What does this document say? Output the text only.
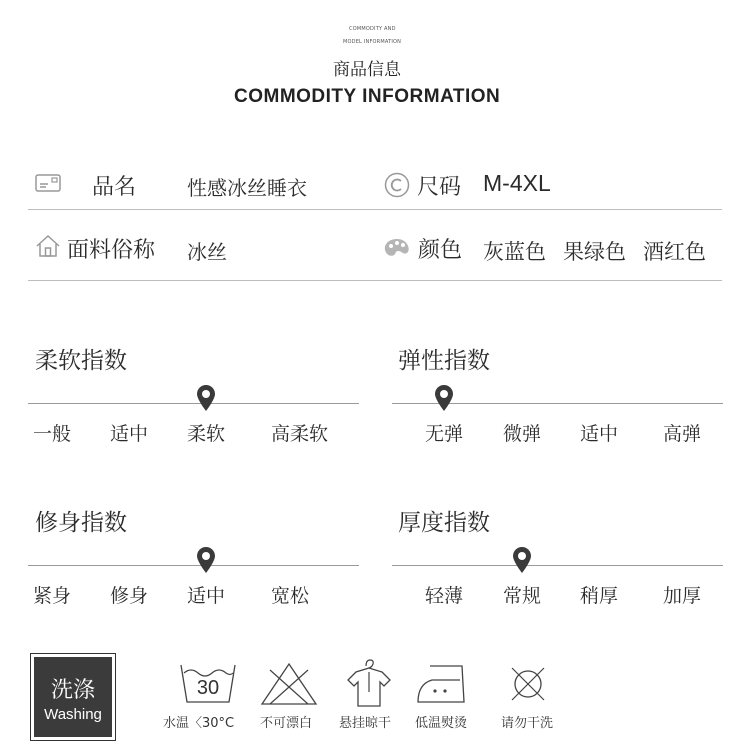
COMMODITY AND
MODEL INFORMATION
商品信息
COMMODITY INFORMATION
品名	性感冰丝睡衣	尺码 M-4XL
面料俗称 冰丝	颜色 灰蓝色 果绿色 酒红色
柔软指数
一般 适中 柔软 高柔软
弹性指数
无弹 微弹 适中 高弹
修身指数
紧身 修身 适中 宽松
厚度指数
轻薄 常规 稍厚 加厚
洗涤
Washing
30
水温〈30°C 不可漂白 悬挂晾干 低温熨烫	请勿干洗
